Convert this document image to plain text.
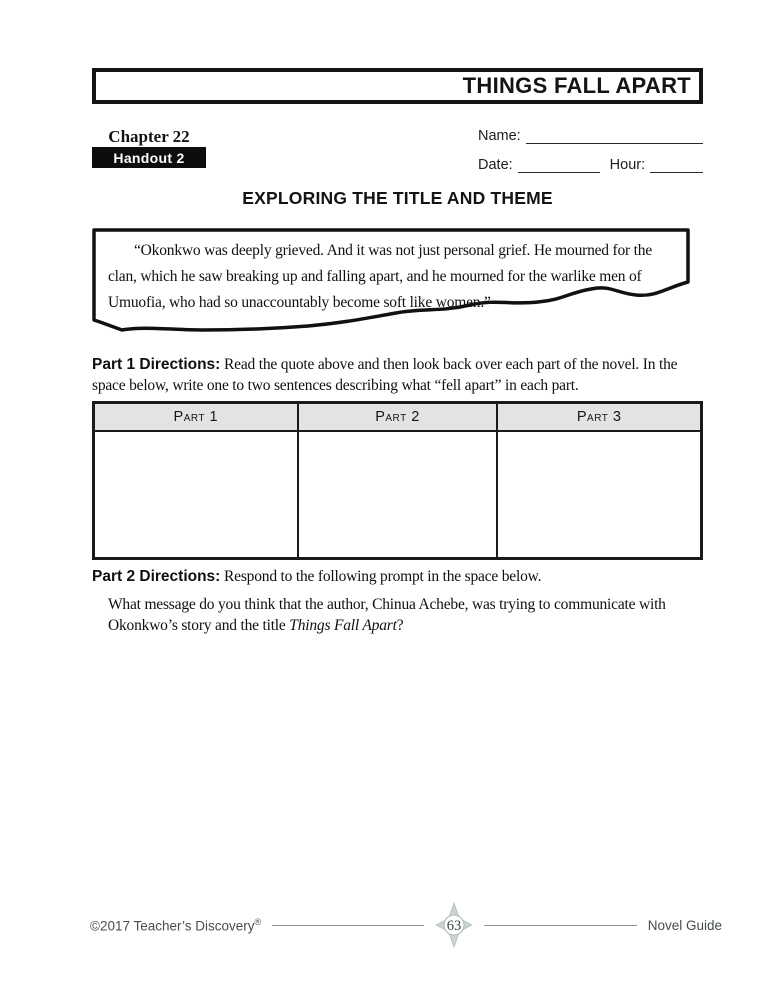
THINGS FALL APART
Chapter 22
Handout 2
Name:
Date:	Hour:
EXPLORING THE TITLE AND THEME
“Okonkwo was deeply grieved. And it was not just personal grief. He mourned for the clan, which he saw breaking up and falling apart, and he mourned for the warlike men of Umuofia, who had so unaccountably become soft like women.”
Part 1 Directions: Read the quote above and then look back over each part of the novel. In the space below, write one to two sentences describing what “fell apart” in each part.
Part 1	Part 2	Part 3
Part 2 Directions: Respond to the following prompt in the space below.
What message do you think that the author, Chinua Achebe, was trying to communicate with Okonkwo’s story and the title Things Fall Apart?
©2017 Teacher’s Discovery®	63	Novel Guide
